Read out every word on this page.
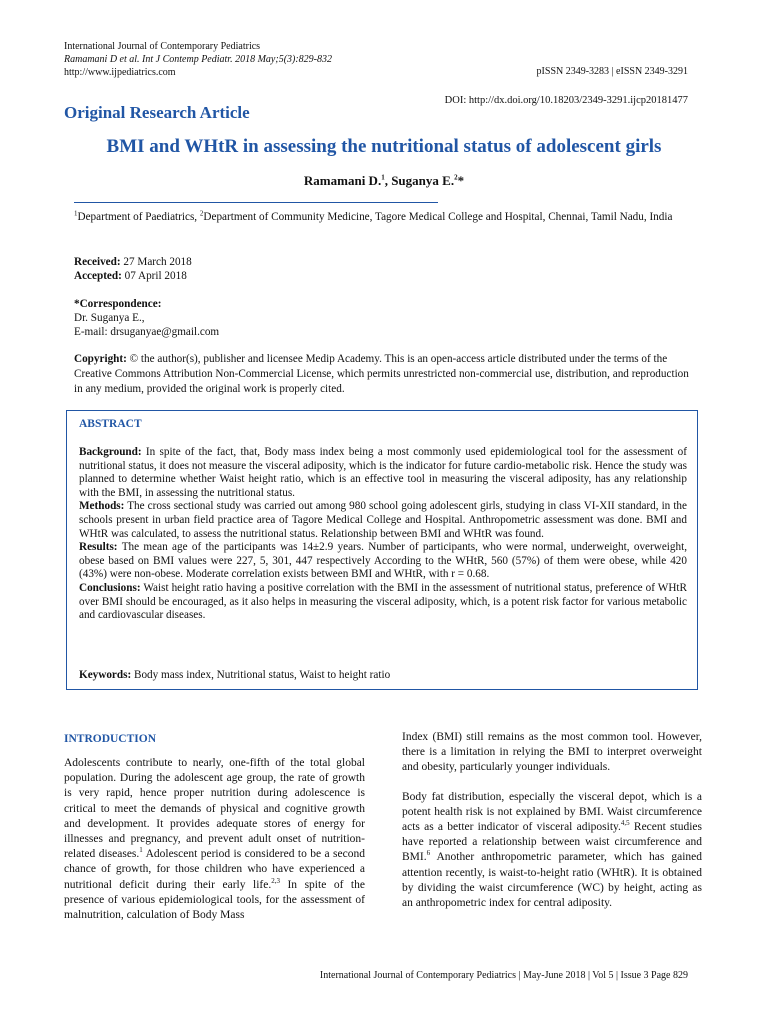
International Journal of Contemporary Pediatrics
Ramamani D et al. Int J Contemp Pediatr. 2018 May;5(3):829-832
http://www.ijpediatrics.com	pISSN 2349-3283 | eISSN 2349-3291
DOI: http://dx.doi.org/10.18203/2349-3291.ijcp20181477
Original Research Article
BMI and WHtR in assessing the nutritional status of adolescent girls
Ramamani D.$^1$, Suganya E.$^2$*
$^1$Department of Paediatrics, $^2$Department of Community Medicine, Tagore Medical College and Hospital, Chennai, Tamil Nadu, India
Received: 27 March 2018
Accepted: 07 April 2018
*Correspondence:
Dr. Suganya E.,
E-mail: drsuganyae@gmail.com
Copyright: © the author(s), publisher and licensee Medip Academy. This is an open-access article distributed under the terms of the Creative Commons Attribution Non-Commercial License, which permits unrestricted non-commercial use, distribution, and reproduction in any medium, provided the original work is properly cited.
ABSTRACT

Background: In spite of the fact, that, Body mass index being a most commonly used epidemiological tool for the assessment of nutritional status, it does not measure the visceral adiposity, which is the indicator for future cardio-metabolic risk. Hence the study was planned to determine whether Waist height ratio, which is an effective tool in measuring the visceral adiposity, has any relationship with the BMI, in assessing the nutritional status.

Methods: The cross sectional study was carried out among 980 school going adolescent girls, studying in class VI-XII standard, in the schools present in urban field practice area of Tagore Medical College and Hospital. Anthropometric assessment was done. BMI and WHtR was calculated, to assess the nutritional status. Relationship between BMI and WHtR was found.

Results: The mean age of the participants was 14±2.9 years. Number of participants, who were normal, underweight, overweight, obese based on BMI values were 227, 5, 301, 447 respectively According to the WHtR, 560 (57%) of them were obese, while 420 (43%) were non-obese. Moderate correlation exists between BMI and WHtR, with r = 0.68.

Conclusions: Waist height ratio having a positive correlation with the BMI in the assessment of nutritional status, preference of WHtR over BMI should be encouraged, as it also helps in measuring the visceral adiposity, which, is a potent risk factor for various metabolic and cardiovascular diseases.

Keywords: Body mass index, Nutritional status, Waist to height ratio
INTRODUCTION

Adolescents contribute to nearly, one-fifth of the total global population. During the adolescent age group, the rate of growth is very rapid, hence proper nutrition during adolescence is critical to meet the demands of physical and cognitive growth and development. It provides adequate stores of energy for illnesses and pregnancy, and prevent adult onset of nutrition-related diseases.$^1$ Adolescent period is considered to be a second chance of growth, for those children who have experienced a nutritional deficit during their early life.$^{2,3}$ In spite of the presence of various epidemiological tools, for the assessment of malnutrition, calculation of Body Mass

Index (BMI) still remains as the most common tool. However, there is a limitation in relying the BMI to interpret overweight and obesity, particularly younger individuals.

Body fat distribution, especially the visceral depot, which is a potent health risk is not explained by BMI. Waist circumference acts as a better indicator of visceral adiposity.$^{4,5}$ Recent studies have reported a relationship between waist circumference and BMI.$^6$ Another anthropometric parameter, which has gained attention recently, is waist-to-height ratio (WHtR). It is obtained by dividing the waist circumference (WC) by height, acting as an anthropometric index for central adiposity.

International Journal of Contemporary Pediatrics | May-June 2018 | Vol 5 | Issue 3 Page 829
